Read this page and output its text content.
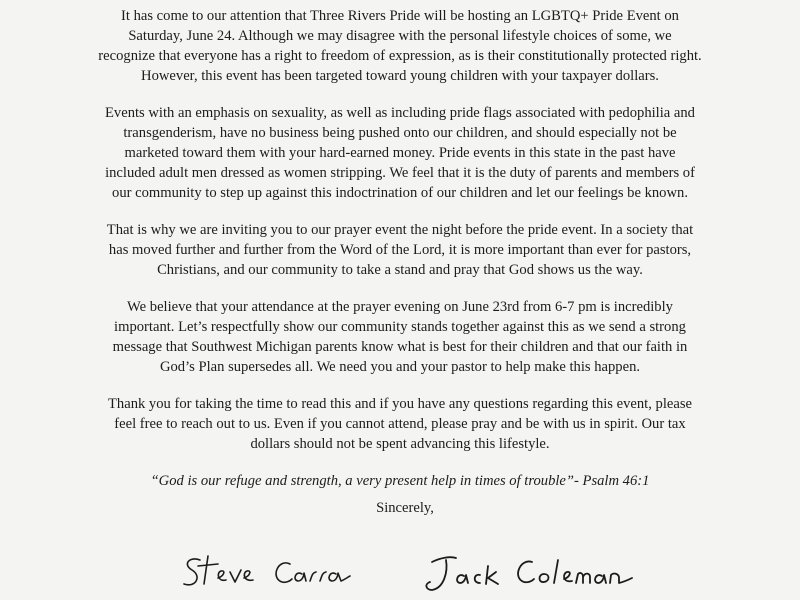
It has come to our attention that Three Rivers Pride will be hosting an LGBTQ+ Pride Event on
Saturday, June 24. Although we may disagree with the personal lifestyle choices of some, we
recognize that everyone has a right to freedom of expression, as is their constitutionally protected right.
However, this event has been targeted toward young children with your taxpayer dollars.
Events with an emphasis on sexuality, as well as including pride flags associated with pedophilia and
transgenderism, have no business being pushed onto our children, and should especially not be
marketed toward them with your hard-earned money. Pride events in this state in the past have
included adult men dressed as women stripping. We feel that it is the duty of parents and members of
our community to step up against this indoctrination of our children and let our feelings be known.
That is why we are inviting you to our prayer event the night before the pride event. In a society that
has moved further and further from the Word of the Lord, it is more important than ever for pastors,
Christians, and our community to take a stand and pray that God shows us the way.
We believe that your attendance at the prayer evening on June 23rd from 6-7 pm is incredibly
important. Let’s respectfully show our community stands together against this as we send a strong
message that Southwest Michigan parents know what is best for their children and that our faith in
God’s Plan supersedes all. We need you and your pastor to help make this happen.
Thank you for taking the time to read this and if you have any questions regarding this event, please
feel free to reach out to us. Even if you cannot attend, please pray and be with us in spirit. Our tax
dollars should not be spent advancing this lifestyle.
“God is our refuge and strength, a very present help in times of trouble”- Psalm 46:1
Sincerely,
